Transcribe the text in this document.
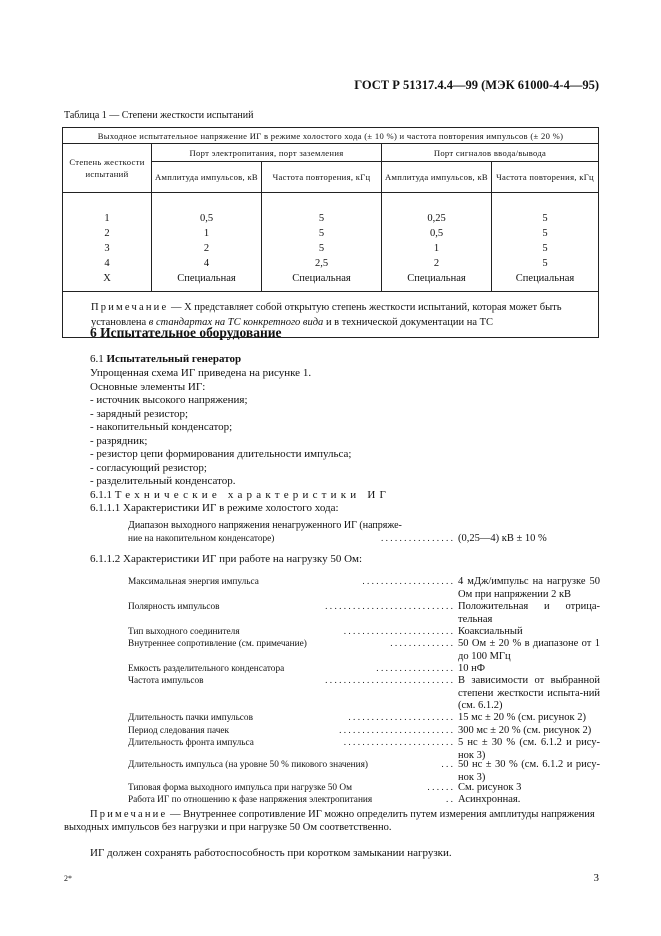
ГОСТ Р 51317.4.4—99 (МЭК 61000-4-4—95)
Таблица 1 — Степени жесткости испытаний
Выходное испытательное напряжение ИГ в режиме холостого хода (± 10 %) и частота повторения импульсов (± 20 %)				
Степень жесткости испытаний	Порт электропитания, порт заземления		Порт сигналов ввода/вывода	
	Амплитуда импульсов, кВ	Частота повторения, кГц	Амплитуда импульсов, кВ	Частота повторения, кГц
1	0,5	5	0,25	5
2	1	5	0,5	5
3	2	5	1	5
4	4	2,5	2	5
X	Специальная	Специальная	Специальная	Специальная
Примечание — Х представляет собой открытую степень жесткости испытаний, которая может быть установлена в стандартах на ТС конкретного вида и в технической документации на ТС				
6 Испытательное оборудование
6.1 Испытательный генератор
Упрощенная схема ИГ приведена на рисунке 1.
Основные элементы ИГ:
- источник высокого напряжения;
- зарядный резистор;
- накопительный конденсатор;
- разрядник;
- резистор цепи формирования длительности импульса;
- согласующий резистор;
- разделительный конденсатор.
6.1.1 Технические характеристики ИГ
6.1.1.1 Характеристики ИГ в режиме холостого хода:
Диапазон выходного напряжения ненагруженного ИГ (напряже-
ние на накопительном конденсаторе)	. . . . . . . . . . . . . . . . (0,25—4) кВ ± 10 %
6.1.1.2 Характеристики ИГ при работе на нагрузку 50 Ом:
Максимальная энергия импульса	. . . . . . . . . . . . . . . . . . . . 4 мДж/импульс на нагрузке 50 Ом при напряжении 2 кВ
Полярность импульсов	. . . . . . . . . . . . . . . . . . . . . . . . . . . . Положительная и отрица-тельная
Тип выходного соединителя	. . . . . . . . . . . . . . . . . . . . . . . . Коаксиальный
Внутреннее сопротивление (см. примечание)	. . . . . . . . . . . . . . 50 Ом ± 20 % в диапазоне от 1 до 100 МГц
Емкость разделительного конденсатора	. . . . . . . . . . . . . . . . . 10 нФ
Частота импульсов	. . . . . . . . . . . . . . . . . . . . . . . . . . . . В зависимости от выбранной степени жесткости испыта-ний (см. 6.1.2)
Длительность пачки импульсов	. . . . . . . . . . . . . . . . . . . . . . . 15 мс ± 20 % (см. рисунок 2)
Период следования пачек	. . . . . . . . . . . . . . . . . . . . . . . . . 300 мс ± 20 % (см. рисунок 2)
Длительность фронта импульса	. . . . . . . . . . . . . . . . . . . . . . . . 5 нс ± 30 % (см. 6.1.2 и рису-нок 3)
Длительность импульса (на уровне 50 % пикового значения)	. . . 50 нс ± 30 % (см. 6.1.2 и рису-нок 3)
Типовая форма выходного импульса при нагрузке 50 Ом	. . . . . . См. рисунок 3
Работа ИГ по отношению к фазе напряжения электропитания	. . Асинхронная.
Примечание — Внутреннее сопротивление ИГ можно определить путем измерения амплитуды напряжения выходных импульсов без нагрузки и при нагрузке 50 Ом соответственно.
ИГ должен сохранять работоспособность при коротком замыкании нагрузки.
2*	3
